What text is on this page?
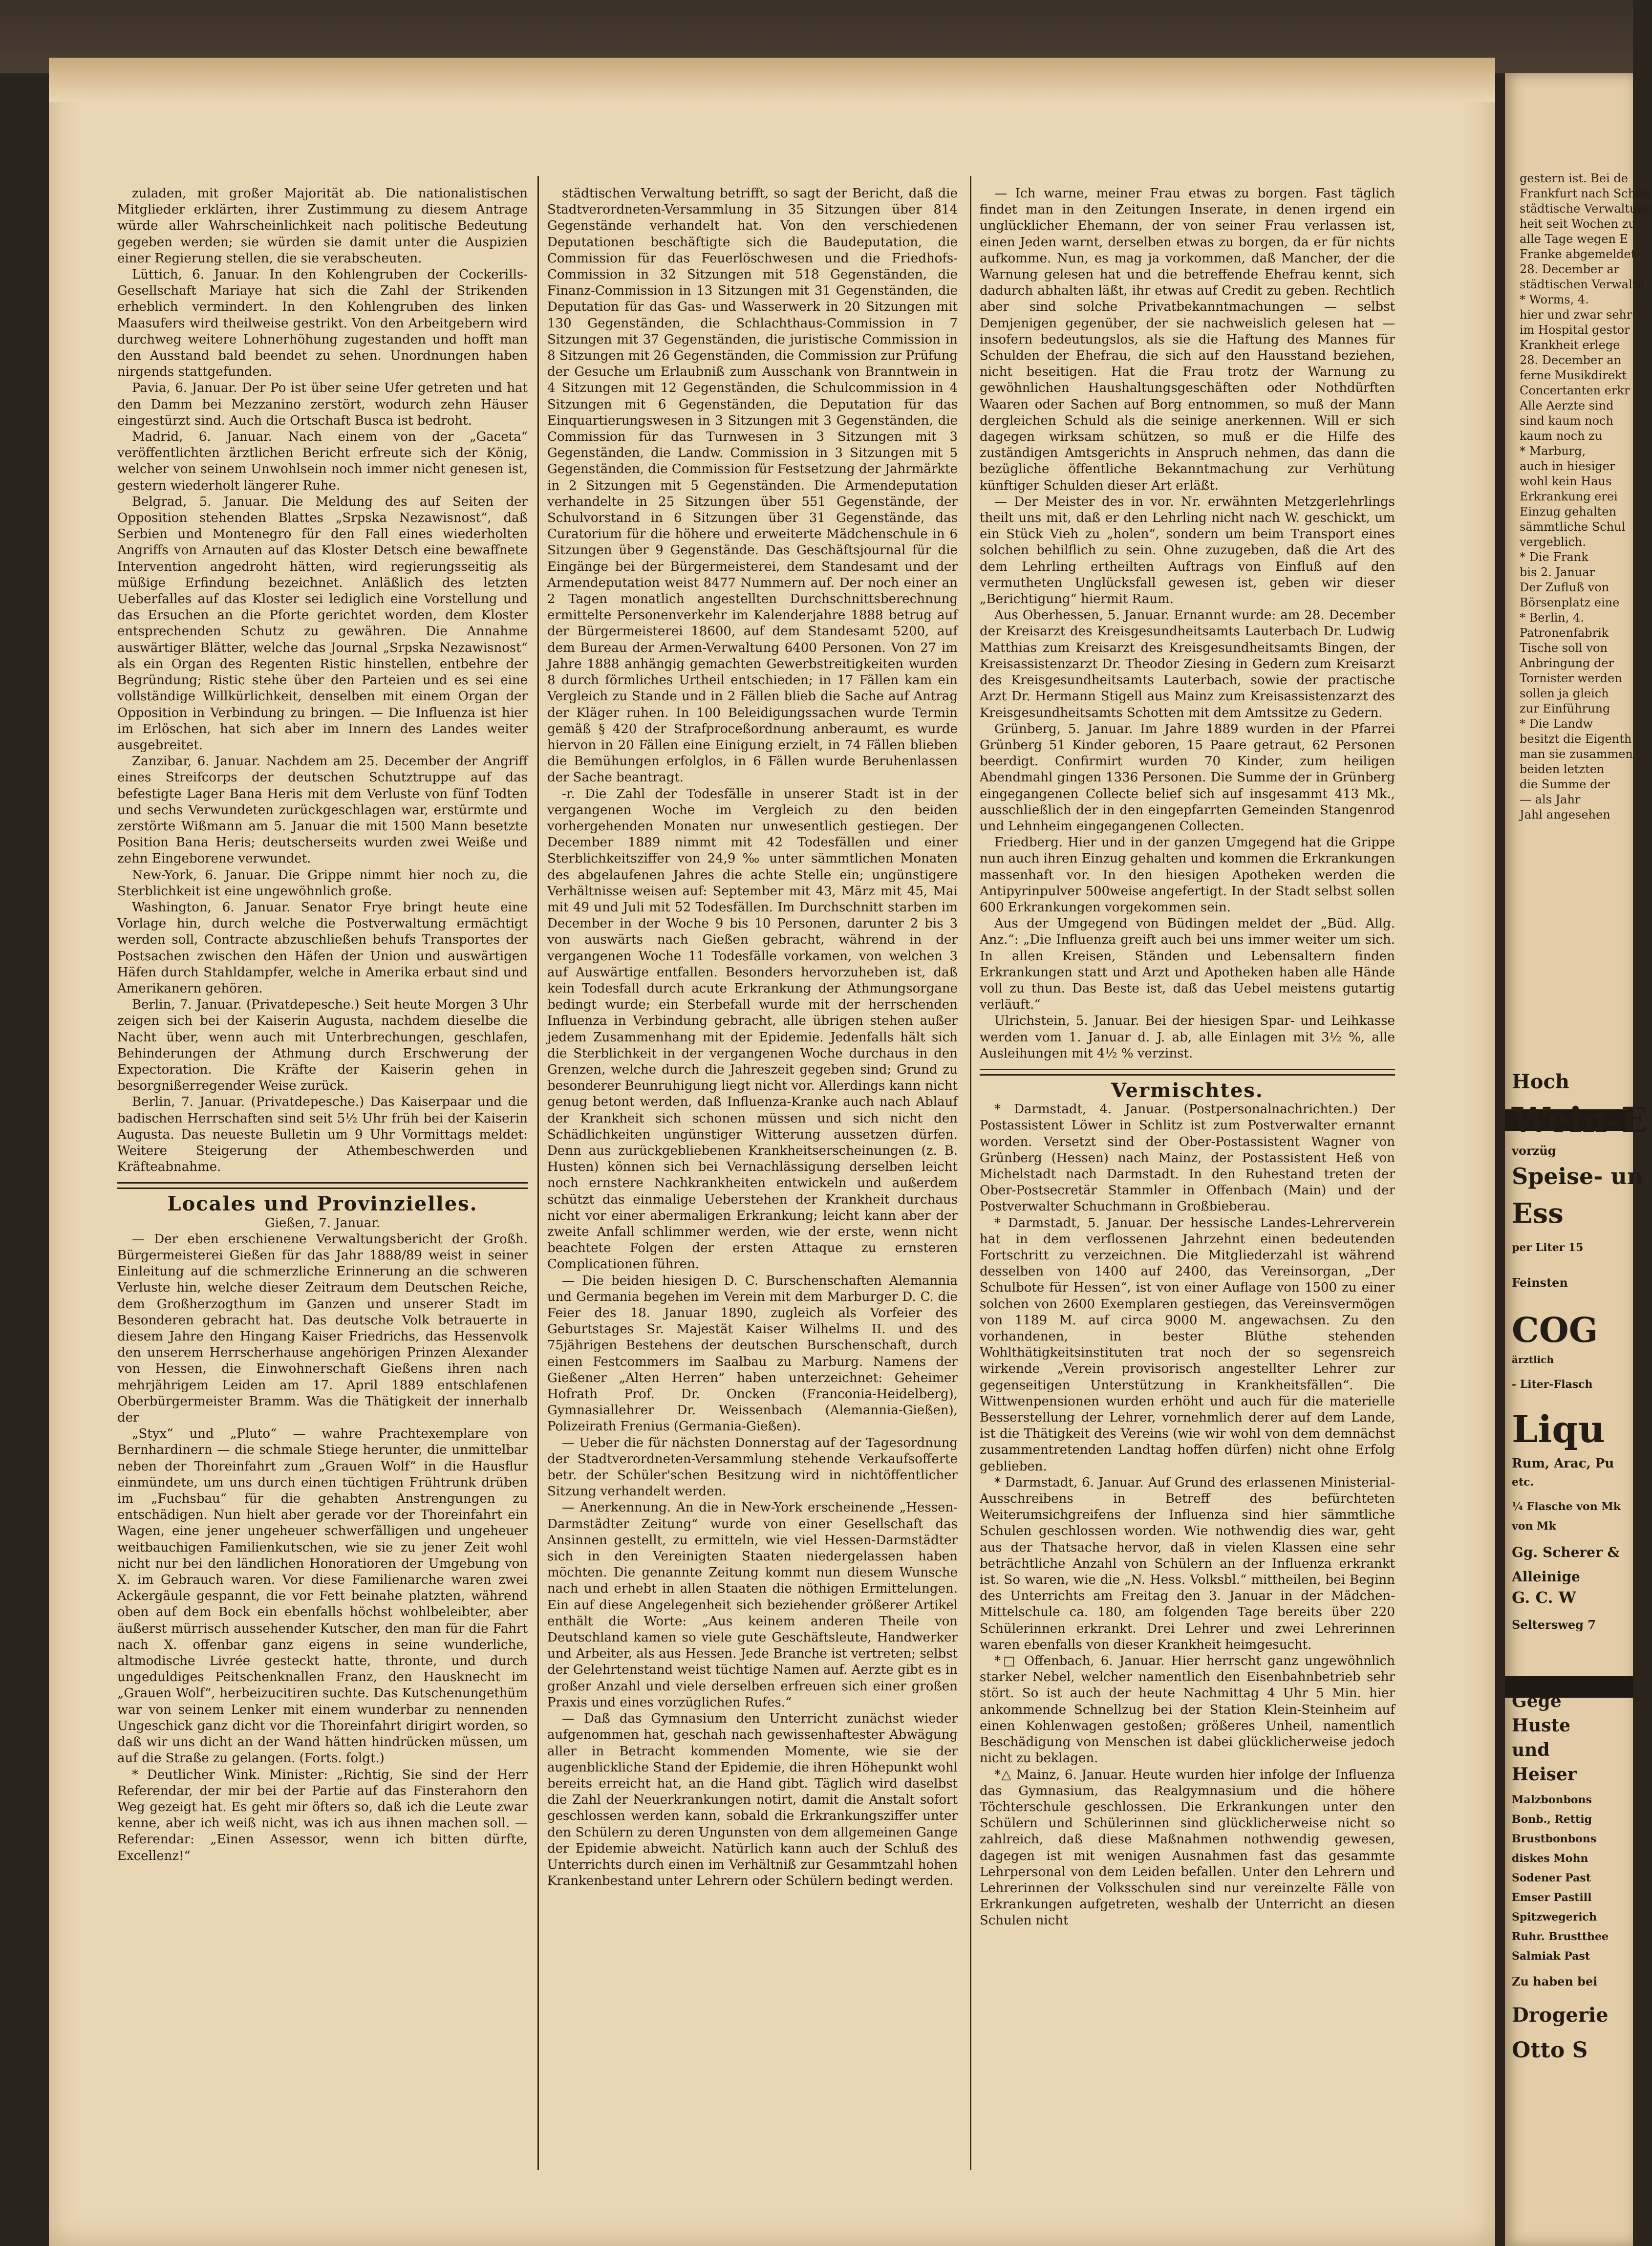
zuladen, mit großer Majorität ab. Die nationalistischen Mitglieder erklärten, ihrer Zustimmung zu diesem Antrage würde aller Wahrscheinlichkeit nach politische Bedeutung gegeben werden; sie würden sie damit unter die Auspizien einer Regierung stellen, die sie verabscheuten.

Lüttich, 6. Januar. In den Kohlengruben der Cockerills-Gesellschaft Mariaye hat sich die Zahl der Strikenden erheblich vermindert. In den Kohlengruben des linken Maasufers wird theilweise gestrikt. Von den Arbeitgebern wird durchweg weitere Lohnerhöhung zugestanden und hofft man den Ausstand bald beendet zu sehen. Unordnungen haben nirgends stattgefunden.

Pavia, 6. Januar. Der Po ist über seine Ufer getreten und hat den Damm bei Mezzanino zerstört, wodurch zehn Häuser eingestürzt sind. Auch die Ortschaft Busca ist bedroht.

Madrid, 6. Januar. Nach einem von der „Gaceta“ veröffentlichten ärztlichen Bericht erfreute sich der König, welcher von seinem Unwohlsein noch immer nicht genesen ist, gestern wiederholt längerer Ruhe.

Belgrad, 5. Januar. Die Meldung des auf Seiten der Opposition stehenden Blattes „Srpska Nezawisnost“, daß Serbien und Montenegro für den Fall eines wiederholten Angriffs von Arnauten auf das Kloster Detsch eine bewaffnete Intervention angedroht hätten, wird regierungsseitig als müßige Erfindung bezeichnet. Anläßlich des letzten Ueberfalles auf das Kloster sei lediglich eine Vorstellung und das Ersuchen an die Pforte gerichtet worden, dem Kloster entsprechenden Schutz zu gewähren. Die Annahme auswärtiger Blätter, welche das Journal „Srpska Nezawisnost“ als ein Organ des Regenten Ristic hinstellen, entbehre der Begründung; Ristic stehe über den Parteien und es sei eine vollständige Willkürlichkeit, denselben mit einem Organ der Opposition in Verbindung zu bringen. — Die Influenza ist hier im Erlöschen, hat sich aber im Innern des Landes weiter ausgebreitet.

Zanzibar, 6. Januar. Nachdem am 25. December der Angriff eines Streifcorps der deutschen Schutztruppe auf das befestigte Lager Bana Heris mit dem Verluste von fünf Todten und sechs Verwundeten zurückgeschlagen war, erstürmte und zerstörte Wißmann am 5. Januar die mit 1500 Mann besetzte Position Bana Heris; deutscherseits wurden zwei Weiße und zehn Eingeborene verwundet.

New-York, 6. Januar. Die Grippe nimmt hier noch zu, die Sterblichkeit ist eine ungewöhnlich große.

Washington, 6. Januar. Senator Frye bringt heute eine Vorlage hin, durch welche die Postverwaltung ermächtigt werden soll, Contracte abzuschließen behufs Transportes der Postsachen zwischen den Häfen der Union und auswärtigen Häfen durch Stahldampfer, welche in Amerika erbaut sind und Amerikanern gehören.

Berlin, 7. Januar. (Privatdepesche.) Seit heute Morgen 3 Uhr zeigen sich bei der Kaiserin Augusta, nachdem dieselbe die Nacht über, wenn auch mit Unterbrechungen, geschlafen, Behinderungen der Athmung durch Erschwerung der Expectoration. Die Kräfte der Kaiserin gehen in besorgnißerregender Weise zurück.

Berlin, 7. Januar. (Privatdepesche.) Das Kaiserpaar und die badischen Herrschaften sind seit 5½ Uhr früh bei der Kaiserin Augusta. Das neueste Bulletin um 9 Uhr Vormittags meldet: Weitere Steigerung der Athembeschwerden und Kräfteabnahme.

Locales und Provinzielles.
Gießen, 7. Januar.

— Der eben erschienene Verwaltungsbericht der Großh. Bürgermeisterei Gießen für das Jahr 1888/89 weist in seiner Einleitung auf die schmerzliche Erinnerung an die schweren Verluste hin, welche dieser Zeitraum dem Deutschen Reiche, dem Großherzogthum im Ganzen und unserer Stadt im Besonderen gebracht hat. Das deutsche Volk betrauerte in diesem Jahre den Hingang Kaiser Friedrichs, das Hessenvolk den unserem Herrscherhause angehörigen Prinzen Alexander von Hessen, die Einwohnerschaft Gießens ihren nach mehrjährigem Leiden am 17. April 1889 entschlafenen Oberbürgermeister Bramm. Was die Thätigkeit der innerhalb der

„Styx“ und „Pluto“ — wahre Prachtexemplare von Bernhardinern — die schmale Stiege herunter, die unmittelbar neben der Thoreinfahrt zum „Grauen Wolf“ in die Hausflur einmündete, um uns durch einen tüchtigen Frühtrunk drüben im „Fuchsbau“ für die gehabten Anstrengungen zu entschädigen. Nun hielt aber gerade vor der Thoreinfahrt ein Wagen, eine jener ungeheuer schwerfälligen und ungeheuer weitbauchigen Familienkutschen, wie sie zu jener Zeit wohl nicht nur bei den ländlichen Honoratioren der Umgebung von X. im Gebrauch waren. Vor diese Familienarche waren zwei Ackergäule gespannt, die vor Fett beinahe platzten, während oben auf dem Bock ein ebenfalls höchst wohlbeleibter, aber äußerst mürrisch aussehender Kutscher, den man für die Fahrt nach X. offenbar ganz eigens in seine wunderliche, altmodische Livrée gesteckt hatte, thronte, und durch ungeduldiges Peitschenknallen Franz, den Hausknecht im „Grauen Wolf“, herbeizucitiren suchte. Das Kutschenungethüm war von seinem Lenker mit einem wunderbar zu nennenden Ungeschick ganz dicht vor die Thoreinfahrt dirigirt worden, so daß wir uns dicht an der Wand hätten hindrücken müssen, um auf die Straße zu gelangen. (Forts. folgt.)

* Deutlicher Wink. Minister: „Richtig, Sie sind der Herr Referendar, der mir bei der Partie auf das Finsterahorn den Weg gezeigt hat. Es geht mir öfters so, daß ich die Leute zwar kenne, aber ich weiß nicht, was ich aus ihnen machen soll. — Referendar: „Einen Assessor, wenn ich bitten dürfte, Excellenz!“

städtischen Verwaltung betrifft, so sagt der Bericht, daß die Stadtverordneten-Versammlung in 35 Sitzungen über 814 Gegenstände verhandelt hat. Von den verschiedenen Deputationen beschäftigte sich die Baudeputation, die Commission für das Feuerlöschwesen und die Friedhofs-Commission in 32 Sitzungen mit 518 Gegenständen, die Finanz-Commission in 13 Sitzungen mit 31 Gegenständen, die Deputation für das Gas- und Wasserwerk in 20 Sitzungen mit 130 Gegenständen, die Schlachthaus-Commission in 7 Sitzungen mit 37 Gegenständen, die juristische Commission in 8 Sitzungen mit 26 Gegenständen, die Commission zur Prüfung der Gesuche um Erlaubniß zum Ausschank von Branntwein in 4 Sitzungen mit 12 Gegenständen, die Schulcommission in 4 Sitzungen mit 6 Gegenständen, die Deputation für das Einquartierungswesen in 3 Sitzungen mit 3 Gegenständen, die Commission für das Turnwesen in 3 Sitzungen mit 3 Gegenständen, die Landw. Commission in 3 Sitzungen mit 5 Gegenständen, die Commission für Festsetzung der Jahrmärkte in 2 Sitzungen mit 5 Gegenständen. Die Armendeputation verhandelte in 25 Sitzungen über 551 Gegenstände, der Schulvorstand in 6 Sitzungen über 31 Gegenstände, das Curatorium für die höhere und erweiterte Mädchenschule in 6 Sitzungen über 9 Gegenstände. Das Geschäftsjournal für die Eingänge bei der Bürgermeisterei, dem Standesamt und der Armendeputation weist 8477 Nummern auf. Der noch einer an 2 Tagen monatlich angestellten Durchschnittsberechnung ermittelte Personenverkehr im Kalenderjahre 1888 betrug auf der Bürgermeisterei 18600, auf dem Standesamt 5200, auf dem Bureau der Armen-Verwaltung 6400 Personen. Von 27 im Jahre 1888 anhängig gemachten Gewerbstreitigkeiten wurden 8 durch förmliches Urtheil entschieden; in 17 Fällen kam ein Vergleich zu Stande und in 2 Fällen blieb die Sache auf Antrag der Kläger ruhen. In 100 Beleidigungssachen wurde Termin gemäß § 420 der Strafproceßordnung anberaumt, es wurde hiervon in 20 Fällen eine Einigung erzielt, in 74 Fällen blieben die Bemühungen erfolglos, in 6 Fällen wurde Beruhenlassen der Sache beantragt.

-r. Die Zahl der Todesfälle in unserer Stadt ist in der vergangenen Woche im Vergleich zu den beiden vorhergehenden Monaten nur unwesentlich gestiegen. Der December 1889 nimmt mit 42 Todesfällen und einer Sterblichkeitsziffer von 24,9 ‰ unter sämmtlichen Monaten des abgelaufenen Jahres die achte Stelle ein; ungünstigere Verhältnisse weisen auf: September mit 43, März mit 45, Mai mit 49 und Juli mit 52 Todesfällen. Im Durchschnitt starben im December in der Woche 9 bis 10 Personen, darunter 2 bis 3 von auswärts nach Gießen gebracht, während in der vergangenen Woche 11 Todesfälle vorkamen, von welchen 3 auf Auswärtige entfallen. Besonders hervorzuheben ist, daß kein Todesfall durch acute Erkrankung der Athmungsorgane bedingt wurde; ein Sterbefall wurde mit der herrschenden Influenza in Verbindung gebracht, alle übrigen stehen außer jedem Zusammenhang mit der Epidemie. Jedenfalls hält sich die Sterblichkeit in der vergangenen Woche durchaus in den Grenzen, welche durch die Jahreszeit gegeben sind; Grund zu besonderer Beunruhigung liegt nicht vor. Allerdings kann nicht genug betont werden, daß Influenza-Kranke auch nach Ablauf der Krankheit sich schonen müssen und sich nicht den Schädlichkeiten ungünstiger Witterung aussetzen dürfen. Denn aus zurückgebliebenen Krankheitserscheinungen (z. B. Husten) können sich bei Vernachlässigung derselben leicht noch ernstere Nachkrankheiten entwickeln und außerdem schützt das einmalige Ueberstehen der Krankheit durchaus nicht vor einer abermaligen Erkrankung; leicht kann aber der zweite Anfall schlimmer werden, wie der erste, wenn nicht beachtete Folgen der ersten Attaque zu ernsteren Complicationen führen.

— Die beiden hiesigen D. C. Burschenschaften Alemannia und Germania begehen im Verein mit dem Marburger D. C. die Feier des 18. Januar 1890, zugleich als Vorfeier des Geburtstages Sr. Majestät Kaiser Wilhelms II. und des 75jährigen Bestehens der deutschen Burschenschaft, durch einen Festcommers im Saalbau zu Marburg. Namens der Gießener „Alten Herren“ haben unterzeichnet: Geheimer Hofrath Prof. Dr. Oncken (Franconia-Heidelberg), Gymnasiallehrer Dr. Weissenbach (Alemannia-Gießen), Polizeirath Frenius (Germania-Gießen).

— Ueber die für nächsten Donnerstag auf der Tagesordnung der Stadtverordneten-Versammlung stehende Verkaufsofferte betr. der Schüler'schen Besitzung wird in nichtöffentlicher Sitzung verhandelt werden.

— Anerkennung. An die in New-York erscheinende „Hessen-Darmstädter Zeitung“ wurde von einer Gesellschaft das Ansinnen gestellt, zu ermitteln, wie viel Hessen-Darmstädter sich in den Vereinigten Staaten niedergelassen haben möchten. Die genannte Zeitung kommt nun diesem Wunsche nach und erhebt in allen Staaten die nöthigen Ermittelungen. Ein auf diese Angelegenheit sich beziehender größerer Artikel enthält die Worte: „Aus keinem anderen Theile von Deutschland kamen so viele gute Geschäftsleute, Handwerker und Arbeiter, als aus Hessen. Jede Branche ist vertreten; selbst der Gelehrtenstand weist tüchtige Namen auf. Aerzte gibt es in großer Anzahl und viele derselben erfreuen sich einer großen Praxis und eines vorzüglichen Rufes.“

— Daß das Gymnasium den Unterricht zunächst wieder aufgenommen hat, geschah nach gewissenhaftester Abwägung aller in Betracht kommenden Momente, wie sie der augenblickliche Stand der Epidemie, die ihren Höhepunkt wohl bereits erreicht hat, an die Hand gibt. Täglich wird daselbst die Zahl der Neuerkrankungen notirt, damit die Anstalt sofort geschlossen werden kann, sobald die Erkrankungsziffer unter den Schülern zu deren Ungunsten von dem allgemeinen Gange der Epidemie abweicht. Natürlich kann auch der Schluß des Unterrichts durch einen im Verhältniß zur Gesammtzahl hohen Krankenbestand unter Lehrern oder Schülern bedingt werden.

— Ich warne, meiner Frau etwas zu borgen. Fast täglich findet man in den Zeitungen Inserate, in denen irgend ein unglücklicher Ehemann, der von seiner Frau verlassen ist, einen Jeden warnt, derselben etwas zu borgen, da er für nichts aufkomme. Nun, es mag ja vorkommen, daß Mancher, der die Warnung gelesen hat und die betreffende Ehefrau kennt, sich dadurch abhalten läßt, ihr etwas auf Credit zu geben. Rechtlich aber sind solche Privatbekanntmachungen — selbst Demjenigen gegenüber, der sie nachweislich gelesen hat — insofern bedeutungslos, als sie die Haftung des Mannes für Schulden der Ehefrau, die sich auf den Hausstand beziehen, nicht beseitigen. Hat die Frau trotz der Warnung zu gewöhnlichen Haushaltungsgeschäften oder Nothdürften Waaren oder Sachen auf Borg entnommen, so muß der Mann dergleichen Schuld als die seinige anerkennen. Will er sich dagegen wirksam schützen, so muß er die Hilfe des zuständigen Amtsgerichts in Anspruch nehmen, das dann die bezügliche öffentliche Bekanntmachung zur Verhütung künftiger Schulden dieser Art erläßt.

— Der Meister des in vor. Nr. erwähnten Metzgerlehrlings theilt uns mit, daß er den Lehrling nicht nach W. geschickt, um ein Stück Vieh zu „holen“, sondern um beim Transport eines solchen behilflich zu sein. Ohne zuzugeben, daß die Art des dem Lehrling ertheilten Auftrags von Einfluß auf den vermutheten Unglücksfall gewesen ist, geben wir dieser „Berichtigung“ hiermit Raum.

Aus Oberhessen, 5. Januar. Ernannt wurde: am 28. December der Kreisarzt des Kreisgesundheitsamts Lauterbach Dr. Ludwig Matthias zum Kreisarzt des Kreisgesundheitsamts Bingen, der Kreisassistenzarzt Dr. Theodor Ziesing in Gedern zum Kreisarzt des Kreisgesundheitsamts Lauterbach, sowie der practische Arzt Dr. Hermann Stigell aus Mainz zum Kreisassistenzarzt des Kreisgesundheitsamts Schotten mit dem Amtssitze zu Gedern.

Grünberg, 5. Januar. Im Jahre 1889 wurden in der Pfarrei Grünberg 51 Kinder geboren, 15 Paare getraut, 62 Personen beerdigt. Confirmirt wurden 70 Kinder, zum heiligen Abendmahl gingen 1336 Personen. Die Summe der in Grünberg eingegangenen Collecte belief sich auf insgesammt 413 Mk., ausschließlich der in den eingepfarrten Gemeinden Stangenrod und Lehnheim eingegangenen Collecten.

Friedberg. Hier und in der ganzen Umgegend hat die Grippe nun auch ihren Einzug gehalten und kommen die Erkrankungen massenhaft vor. In den hiesigen Apotheken werden die Antipyrinpulver 500weise angefertigt. In der Stadt selbst sollen 600 Erkrankungen vorgekommen sein.

Aus der Umgegend von Büdingen meldet der „Büd. Allg. Anz.“: „Die Influenza greift auch bei uns immer weiter um sich. In allen Kreisen, Ständen und Lebensaltern finden Erkrankungen statt und Arzt und Apotheken haben alle Hände voll zu thun. Das Beste ist, daß das Uebel meistens gutartig verläuft.“

Ulrichstein, 5. Januar. Bei der hiesigen Spar- und Leihkasse werden vom 1. Januar d. J. ab, alle Einlagen mit 3½ %, alle Ausleihungen mit 4½ % verzinst.

Vermischtes.

* Darmstadt, 4. Januar. (Postpersonalnachrichten.) Der Postassistent Löwer in Schlitz ist zum Postverwalter ernannt worden. Versetzt sind der Ober-Postassistent Wagner von Grünberg (Hessen) nach Mainz, der Postassistent Heß von Michelstadt nach Darmstadt. In den Ruhestand treten der Ober-Postsecretär Stammler in Offenbach (Main) und der Postverwalter Schuchmann in Großbieberau.

* Darmstadt, 5. Januar. Der hessische Landes-Lehrerverein hat in dem verflossenen Jahrzehnt einen bedeutenden Fortschritt zu verzeichnen. Die Mitgliederzahl ist während desselben von 1400 auf 2400, das Vereinsorgan, „Der Schulbote für Hessen“, ist von einer Auflage von 1500 zu einer solchen von 2600 Exemplaren gestiegen, das Vereinsvermögen von 1189 M. auf circa 9000 M. angewachsen. Zu den vorhandenen, in bester Blüthe stehenden Wohlthätigkeitsinstituten trat noch der so segensreich wirkende „Verein provisorisch angestellter Lehrer zur gegenseitigen Unterstützung in Krankheitsfällen“. Die Wittwenpensionen wurden erhöht und auch für die materielle Besserstellung der Lehrer, vornehmlich derer auf dem Lande, ist die Thätigkeit des Vereins (wie wir wohl von dem demnächst zusammentretenden Landtag hoffen dürfen) nicht ohne Erfolg geblieben.

* Darmstadt, 6. Januar. Auf Grund des erlassenen Ministerial-Ausschreibens in Betreff des befürchteten Weiterumsichgreifens der Influenza sind hier sämmtliche Schulen geschlossen worden. Wie nothwendig dies war, geht aus der Thatsache hervor, daß in vielen Klassen eine sehr beträchtliche Anzahl von Schülern an der Influenza erkrankt ist. So waren, wie die „N. Hess. Volksbl.“ mittheilen, bei Beginn des Unterrichts am Freitag den 3. Januar in der Mädchen-Mittelschule ca. 180, am folgenden Tage bereits über 220 Schülerinnen erkrankt. Drei Lehrer und zwei Lehrerinnen waren ebenfalls von dieser Krankheit heimgesucht.

*□ Offenbach, 6. Januar. Hier herrscht ganz ungewöhnlich starker Nebel, welcher namentlich den Eisenbahnbetrieb sehr stört. So ist auch der heute Nachmittag 4 Uhr 5 Min. hier ankommende Schnellzug bei der Station Klein-Steinheim auf einen Kohlenwagen gestoßen; größeres Unheil, namentlich Beschädigung von Menschen ist dabei glücklicherweise jedoch nicht zu beklagen.

*△ Mainz, 6. Januar. Heute wurden hier infolge der Influenza das Gymnasium, das Realgymnasium und die höhere Töchterschule geschlossen. Die Erkrankungen unter den Schülern und Schülerinnen sind glücklicherweise nicht so zahlreich, daß diese Maßnahmen nothwendig gewesen, dagegen ist mit wenigen Ausnahmen fast das gesammte Lehrpersonal von dem Leiden befallen. Unter den Lehrern und Lehrerinnen der Volksschulen sind nur vereinzelte Fälle von Erkrankungen aufgetreten, weshalb der Unterricht an diesen Schulen nicht

gestern ist. Bei de
Frankfurt nach Schön
städtische Verwaltung
heit seit Wochen zu
alle Tage wegen E
Franke abgemeldet
28. December ar
städtischen Verwaltu
* Worms, 4.
hier und zwar sehr
im Hospital gestor
Krankheit erlege
28. December an
ferne Musikdirekt
Concertanten erkr
Alle Aerzte sind
sind kaum noch
kaum noch zu
* Marburg,
auch in hiesiger
wohl kein Haus
Erkrankung erei
Einzug gehalten
sämmtliche Schul
vergeblich.
* Die Frank
bis 2. Januar
Der Zufluß von
Börsenplatz eine
* Berlin, 4.
Patronenfabrik
Tische soll von
Anbringung der
Tornister werden
sollen ja gleich
zur Einführung
* Die Landw
besitzt die Eigenth
man sie zusammen
beiden letzten
die Summe der
— als Jahr
Jahl angesehen
Hoch
Wein-E
vorzüg
Speise- un
Ess
per Liter 15
Feinsten
COG
ärztlich
- Liter-Flasch
Liqu
Rum, Arac, Pu
etc.
¼ Flasche von Mk
von Mk
Gg. Scherer &
Alleinige
G. C. W
Seltersweg 7
Gege
Huste
und
Heiser
Malzbonbons
Bonb., Rettig
Brustbonbons
diskes Mohn
Sodener Past
Emser Pastill
Spitzwegerich
Ruhr. Brustthee
Salmiak Past
Zu haben bei
Drogerie
Otto S
